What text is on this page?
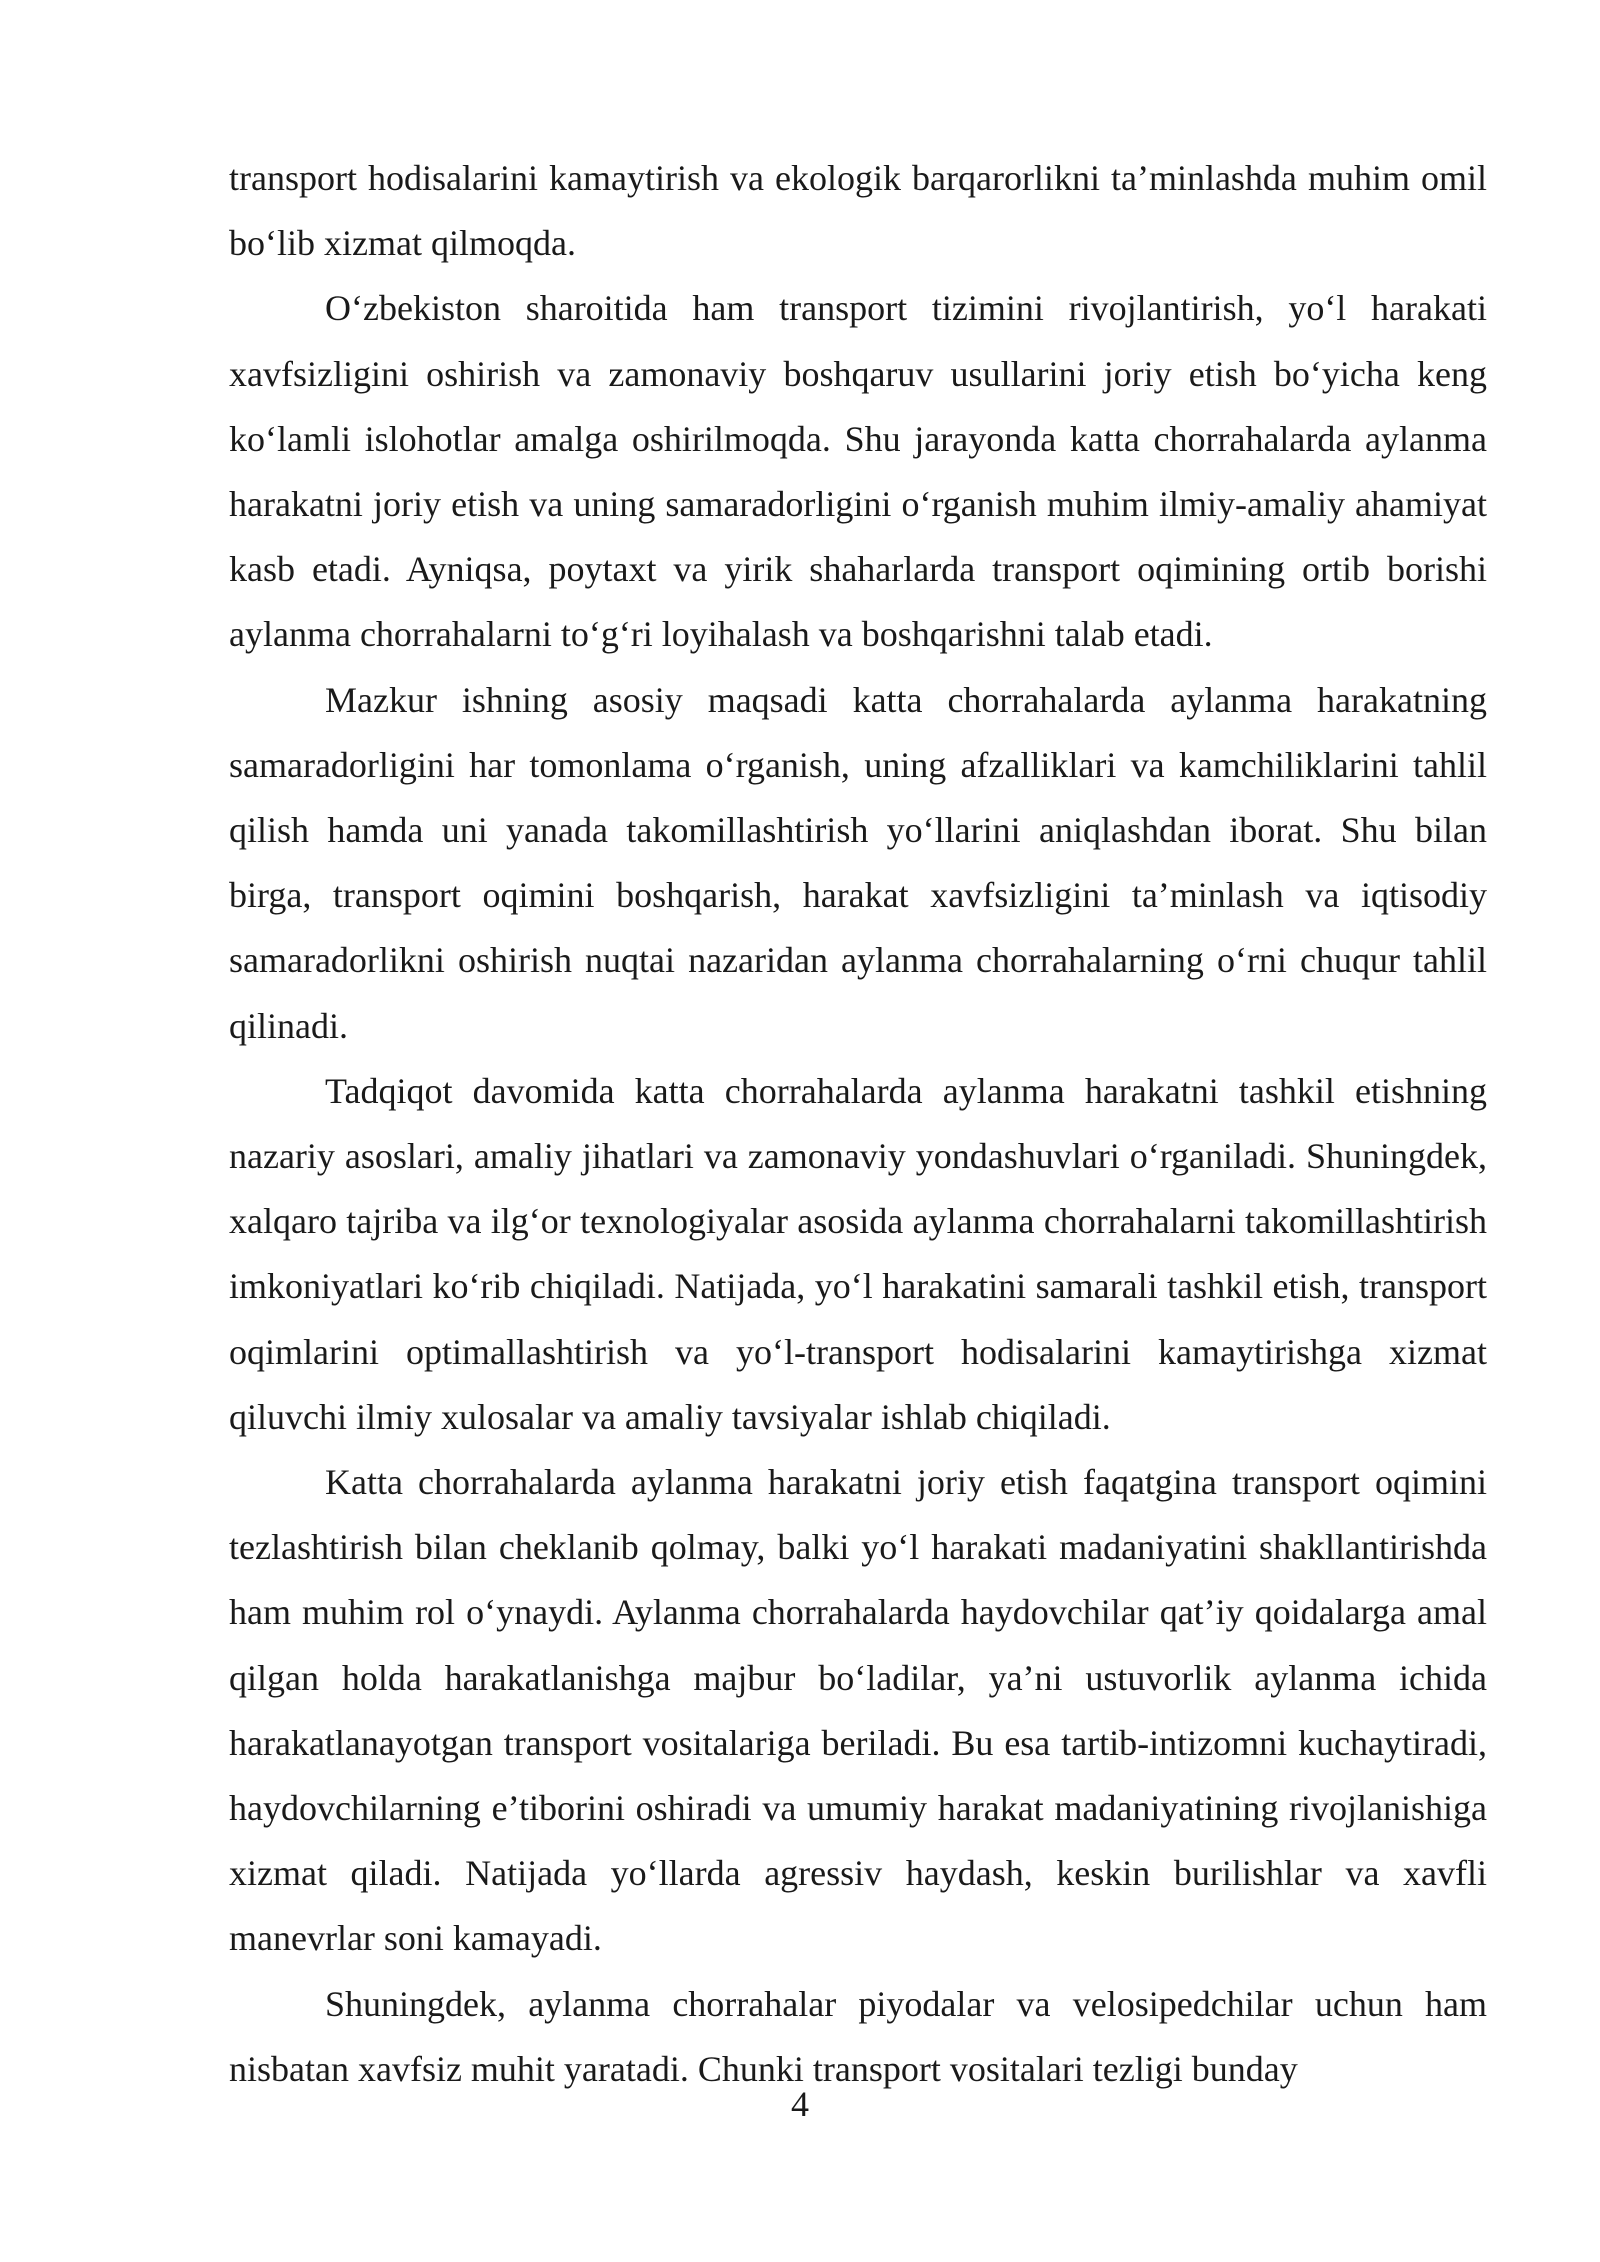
transport hodisalarini kamaytirish va ekologik barqarorlikni ta’minlashda muhim omil bo‘lib xizmat qilmoqda.

O‘zbekiston sharoitida ham transport tizimini rivojlantirish, yo‘l harakati xavfsizligini oshirish va zamonaviy boshqaruv usullarini joriy etish bo‘yicha keng ko‘lamli islohotlar amalga oshirilmoqda. Shu jarayonda katta chorrahalarda aylanma harakatni joriy etish va uning samaradorligini o‘rganish muhim ilmiy-amaliy ahamiyat kasb etadi. Ayniqsa, poytaxt va yirik shaharlarda transport oqimining ortib borishi aylanma chorrahalarni to‘g‘ri loyihalash va boshqarishni talab etadi.

Mazkur ishning asosiy maqsadi katta chorrahalarda aylanma harakatning samaradorligini har tomonlama o‘rganish, uning afzalliklari va kamchiliklarini tahlil qilish hamda uni yanada takomillashtirish yo‘llarini aniqlashdan iborat. Shu bilan birga, transport oqimini boshqarish, harakat xavfsizligini ta’minlash va iqtisodiy samaradorlikni oshirish nuqtai nazaridan aylanma chorrahalarning o‘rni chuqur tahlil qilinadi.

Tadqiqot davomida katta chorrahalarda aylanma harakatni tashkil etishning nazariy asoslari, amaliy jihatlari va zamonaviy yondashuvlari o‘rganiladi. Shuningdek, xalqaro tajriba va ilg‘or texnologiyalar asosida aylanma chorrahalarni takomillashtirish imkoniyatlari ko‘rib chiqiladi. Natijada, yo‘l harakatini samarali tashkil etish, transport oqimlarini optimallashtirish va yo‘l-transport hodisalarini kamaytirishga xizmat qiluvchi ilmiy xulosalar va amaliy tavsiyalar ishlab chiqiladi.

Katta chorrahalarda aylanma harakatni joriy etish faqatgina transport oqimini tezlashtirish bilan cheklanib qolmay, balki yo‘l harakati madaniyatini shakllantirishda ham muhim rol o‘ynaydi. Aylanma chorrahalarda haydovchilar qat’iy qoidalarga amal qilgan holda harakatlanishga majbur bo‘ladilar, ya’ni ustuvorlik aylanma ichida harakatlanayotgan transport vositalariga beriladi. Bu esa tartib-intizomni kuchaytiradi, haydovchilarning e’tiborini oshiradi va umumiy harakat madaniyatining rivojlanishiga xizmat qiladi. Natijada yo‘llarda agressiv haydash, keskin burilishlar va xavfli manevrlar soni kamayadi.

Shuningdek, aylanma chorrahalar piyodalar va velosipedchilar uchun ham nisbatan xavfsiz muhit yaratadi. Chunki transport vositalari tezligi bunday

4
